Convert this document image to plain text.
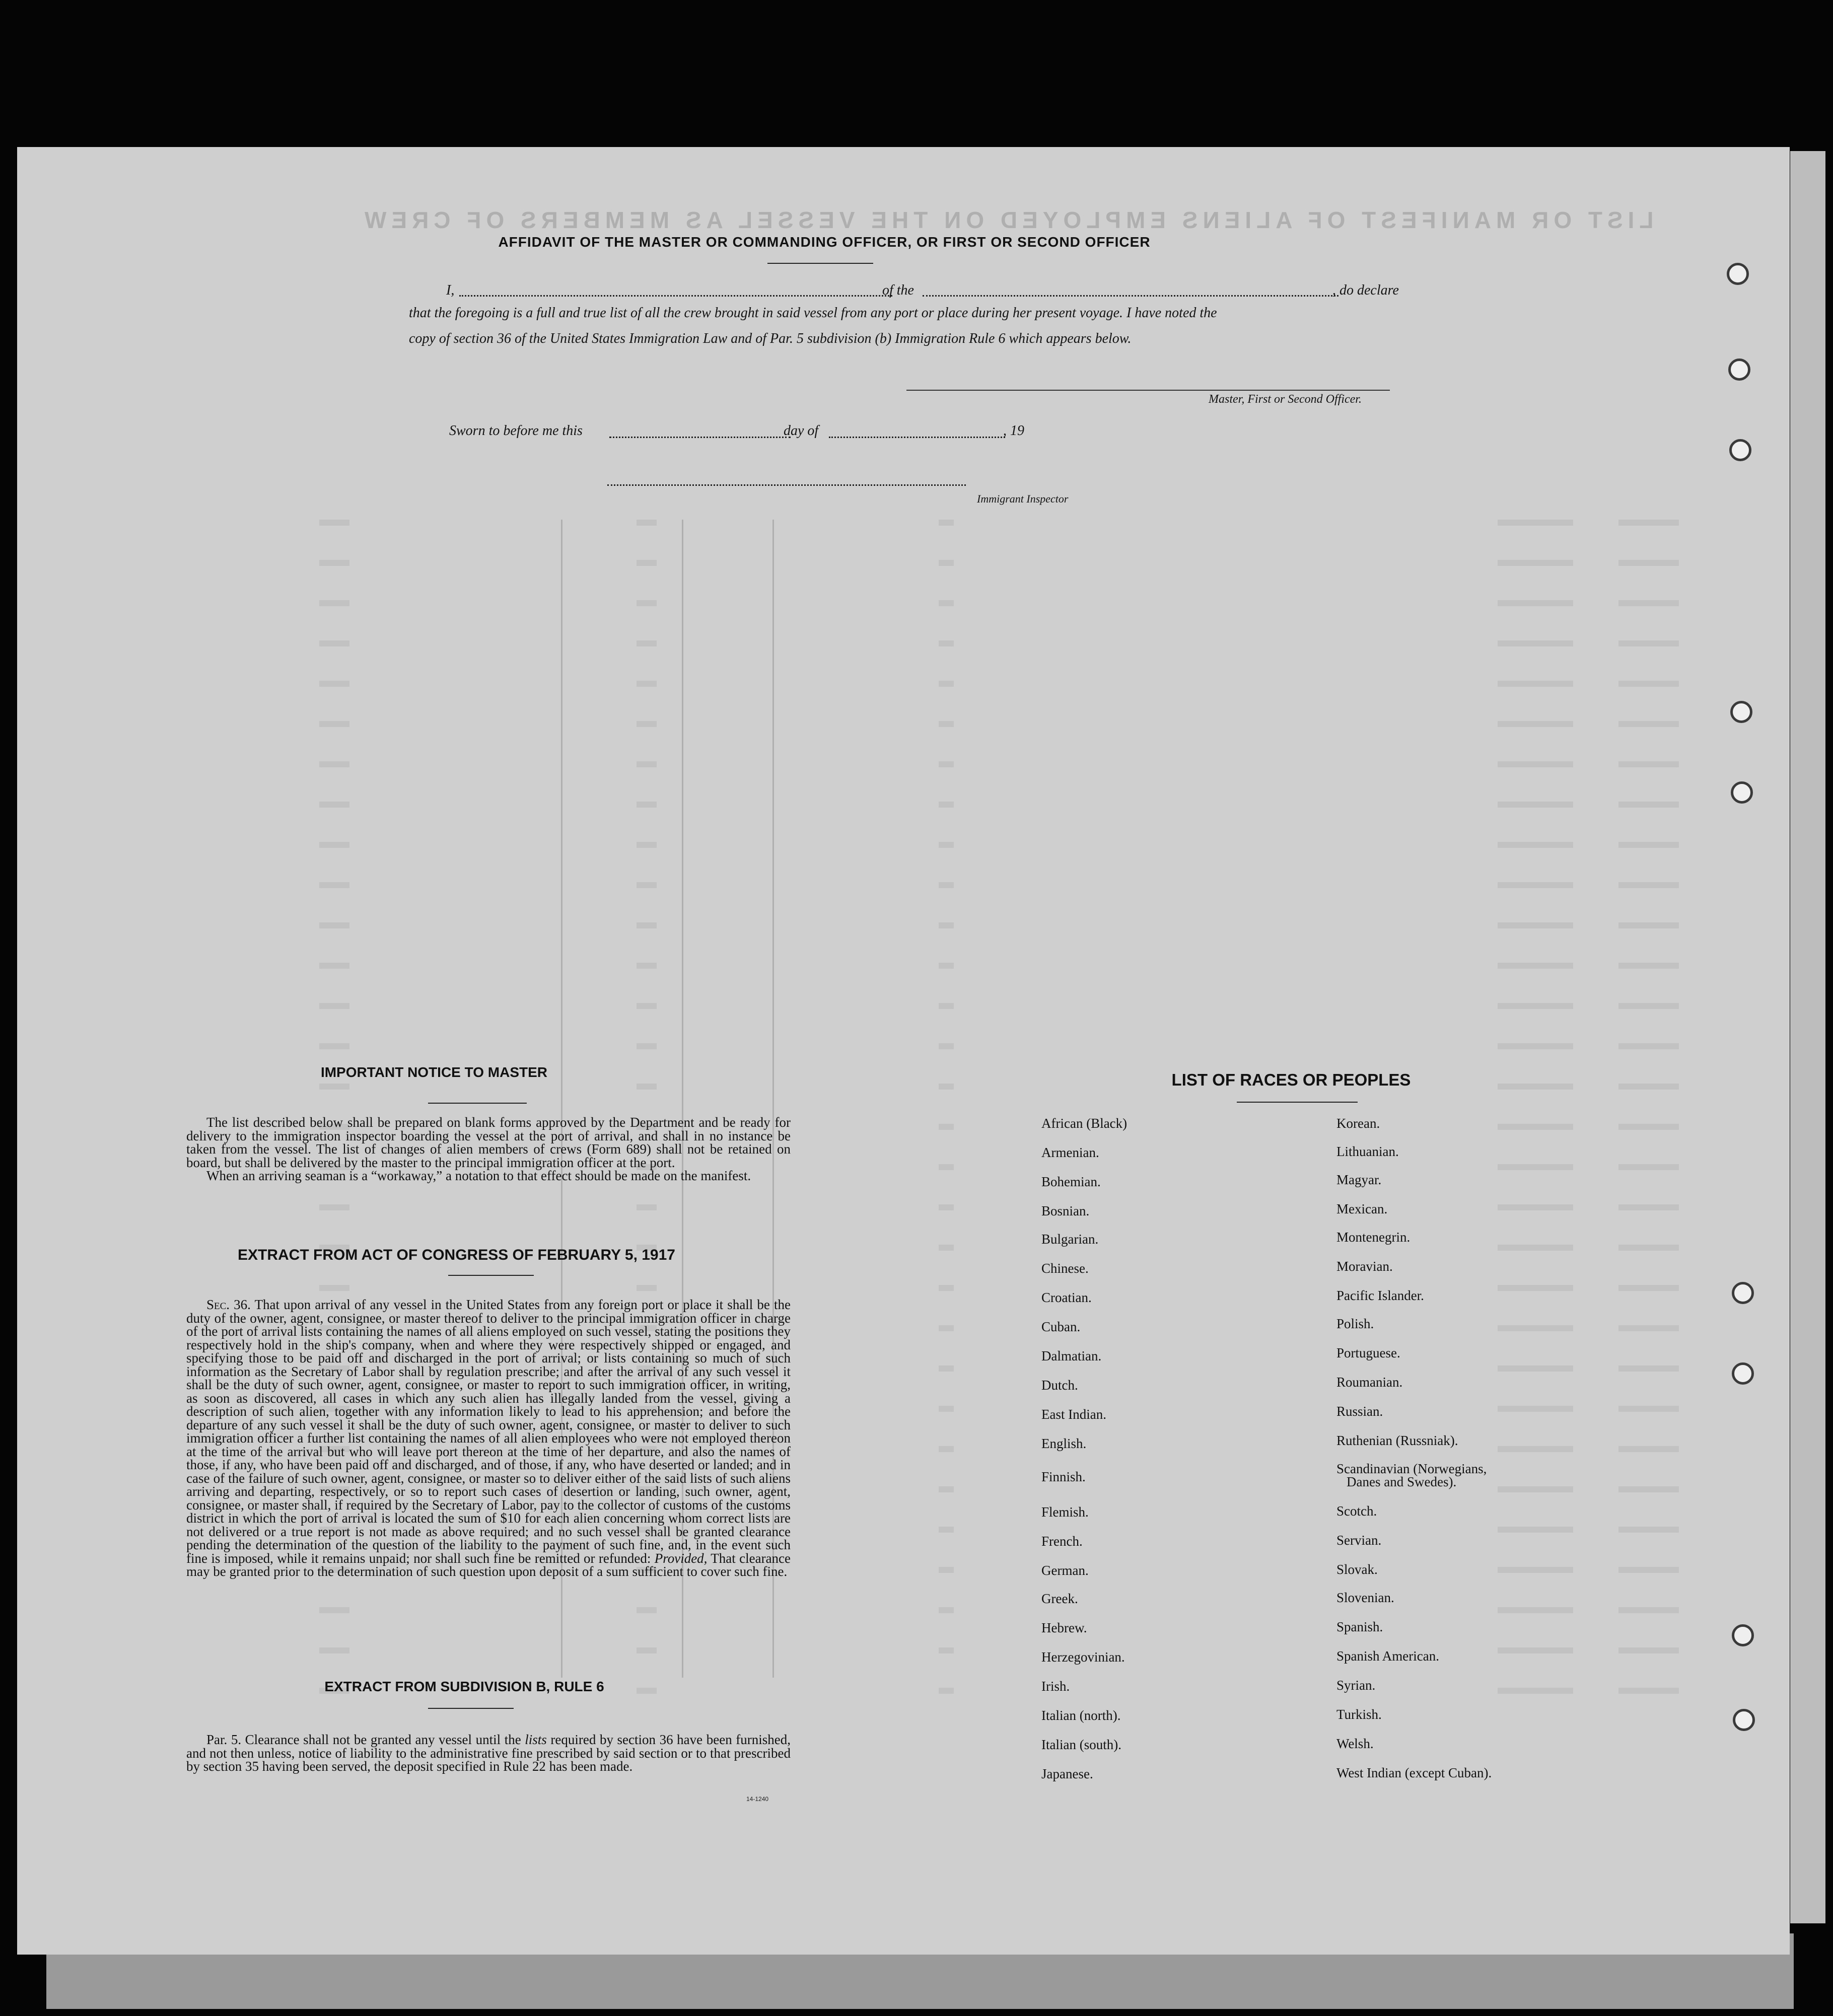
LIST OR MANIFEST OF ALIENS EMPLOYED ON THE VESSEL AS MEMBERS OF CREW
AFFIDAVIT OF THE MASTER OR COMMANDING OFFICER, OR FIRST OR SECOND OFFICER
I,	of the	, do declare
that the foregoing is a full and true list of all the crew brought in said vessel from any port or place during her present voyage. I have noted the
copy of section 36 of the United States Immigration Law and of Par. 5 subdivision (b) Immigration Rule 6 which appears below.
Master, First or Second Officer.
Sworn to before me this	day of	, 19
Immigrant Inspector
IMPORTANT NOTICE TO MASTER

The list described below shall be prepared on blank forms approved by the Department and be ready for delivery to the immigration inspector boarding the vessel at the port of arrival, and shall in no instance be taken from the vessel. The list of changes of alien members of crews (Form 689) shall not be retained on board, but shall be delivered by the master to the principal immigration officer at the port.

When an arriving seaman is a “workaway,” a notation to that effect should be made on the manifest.

EXTRACT FROM ACT OF CONGRESS OF FEBRUARY 5, 1917

Sec. 36. That upon arrival of any vessel in the United States from any foreign port or place it shall be the duty of the owner, agent, consignee, or master thereof to deliver to the principal immigration officer in charge of the port of arrival lists containing the names of all aliens employed on such vessel, stating the positions they respectively hold in the ship's company, when and where they were respectively shipped or engaged, and specifying those to be paid off and discharged in the port of arrival; or lists containing so much of such information as the Secretary of Labor shall by regulation prescribe; and after the arrival of any such vessel it shall be the duty of such owner, agent, consignee, or master to report to such immigration officer, in writing, as soon as discovered, all cases in which any such alien has illegally landed from the vessel, giving a description of such alien, together with any information likely to lead to his apprehension; and before the departure of any such vessel it shall be the duty of such owner, agent, consignee, or master to deliver to such immigration officer a further list containing the names of all alien employees who were not employed thereon at the time of the arrival but who will leave port thereon at the time of her departure, and also the names of those, if any, who have been paid off and discharged, and of those, if any, who have deserted or landed; and in case of the failure of such owner, agent, consignee, or master so to deliver either of the said lists of such aliens arriving and departing, respectively, or so to report such cases of desertion or landing, such owner, agent, consignee, or master shall, if required by the Secretary of Labor, pay to the collector of customs of the customs district in which the port of arrival is located the sum of $10 for each alien concerning whom correct lists are not delivered or a true report is not made as above required; and no such vessel shall be granted clearance pending the determination of the question of the liability to the payment of such fine, and, in the event such fine is imposed, while it remains unpaid; nor shall such fine be remitted or refunded: Provided, That clearance may be granted prior to the determination of such question upon deposit of a sum sufficient to cover such fine.

EXTRACT FROM SUBDIVISION B, RULE 6

Par. 5. Clearance shall not be granted any vessel until the lists required by section 36 have been furnished, and not then unless, notice of liability to the administrative fine prescribed by said section or to that prescribed by section 35 having been served, the deposit specified in Rule 22 has been made.

14-1240
LIST OF RACES OR PEOPLES
African (Black)
Armenian.
Bohemian.
Bosnian.
Bulgarian.
Chinese.
Croatian.
Cuban.
Dalmatian.
Dutch.
East Indian.
English.
Finnish.
Flemish.
French.
German.
Greek.
Hebrew.
Herzegovinian.
Irish.
Italian (north).
Italian (south).
Japanese.
Korean.
Lithuanian.
Magyar.
Mexican.
Montenegrin.
Moravian.
Pacific Islander.
Polish.
Portuguese.
Roumanian.
Russian.
Ruthenian (Russniak).
Scandinavian (Norwegians,
Scotch.
Servian.
Slovak.
Slovenian.
Spanish.
Spanish American.
Syrian.
Turkish.
Welsh.
West Indian (except Cuban).
Danes and Swedes).
